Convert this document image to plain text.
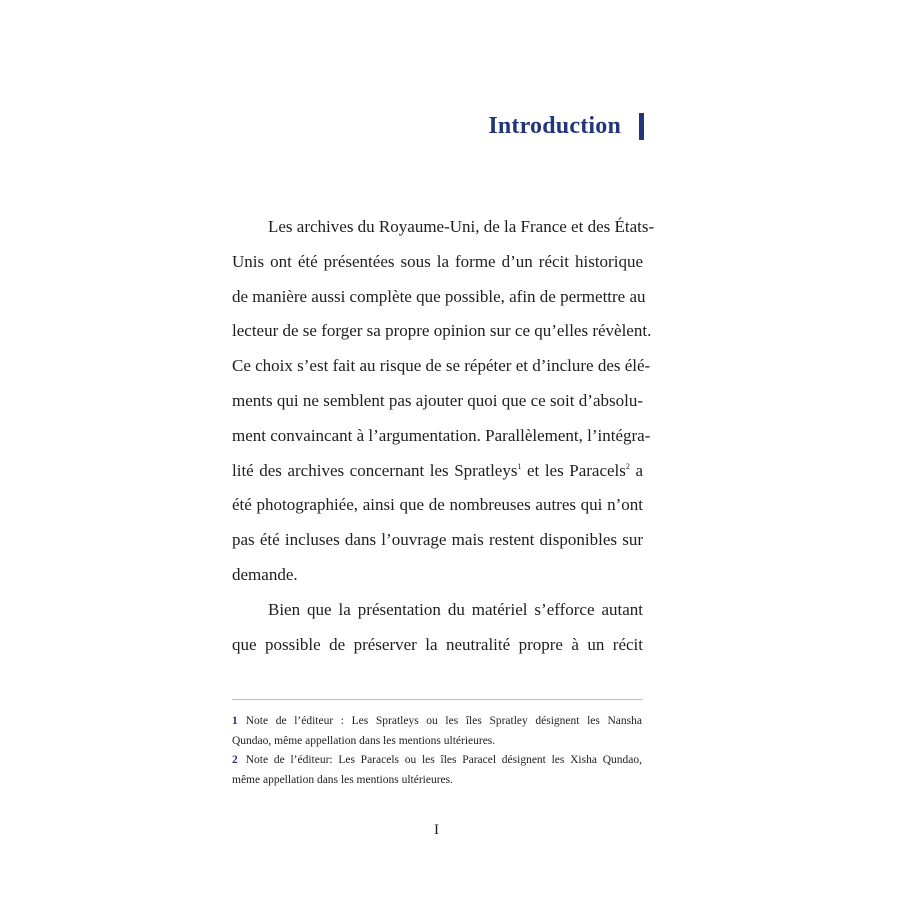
Introduction
Les archives du Royaume-Uni, de la France et des États-
Unis ont été présentées sous la forme d’un récit historique
de manière aussi complète que possible, afin de permettre au
lecteur de se forger sa propre opinion sur ce qu’elles révèlent.
Ce choix s’est fait au risque de se répéter et d’inclure des élé-
ments qui ne semblent pas ajouter quoi que ce soit d’absolu-
ment convaincant à l’argumentation. Parallèlement, l’intégra-
lité des archives concernant les Spratleys$^1$ et les Paracels$^2$ a
été photographiée, ainsi que de nombreuses autres qui n’ont
pas été incluses dans l’ouvrage mais restent disponibles sur
demande.
Bien que la présentation du matériel s’efforce autant
que possible de préserver la neutralité propre à un récit
1 Note de l’éditeur : Les Spratleys ou les îles Spratley désignent les Nansha
Qundao, même appellation dans les mentions ultérieures.
2 Note de l’éditeur: Les Paracels ou les îles Paracel désignent les Xisha Qundao,
même appellation dans les mentions ultérieures.
I
